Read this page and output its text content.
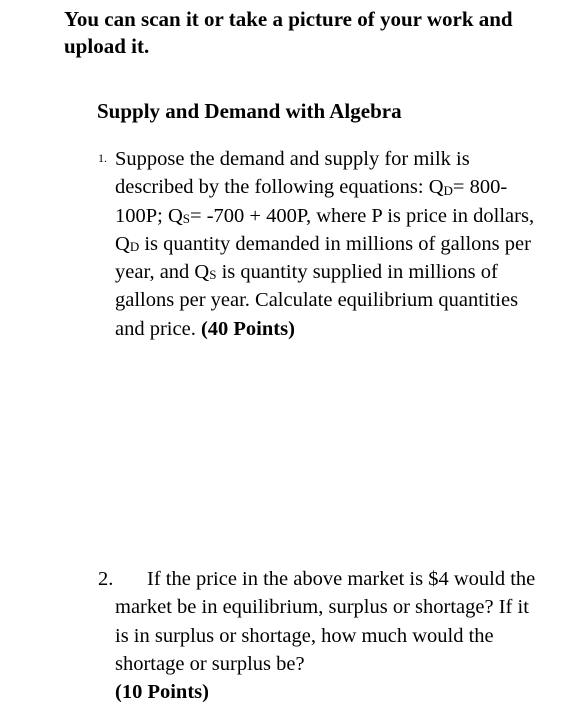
You can scan it or take a picture of your work and upload it.

Supply and Demand with Algebra

1. Suppose the demand and supply for milk is described by the following equations: $Q_D= 800-100P$; $Q_S= -700 + 400P$, where P is price in dollars, $Q_D$ is quantity demanded in millions of gallons per year, and $Q_S$ is quantity supplied in millions of gallons per year. Calculate equilibrium quantities and price. (40 Points)
2. If the price in the above market is $4 would the market be in equilibrium, surplus or shortage? If it is in surplus or shortage, how much would the shortage or surplus be?
(10 Points)
